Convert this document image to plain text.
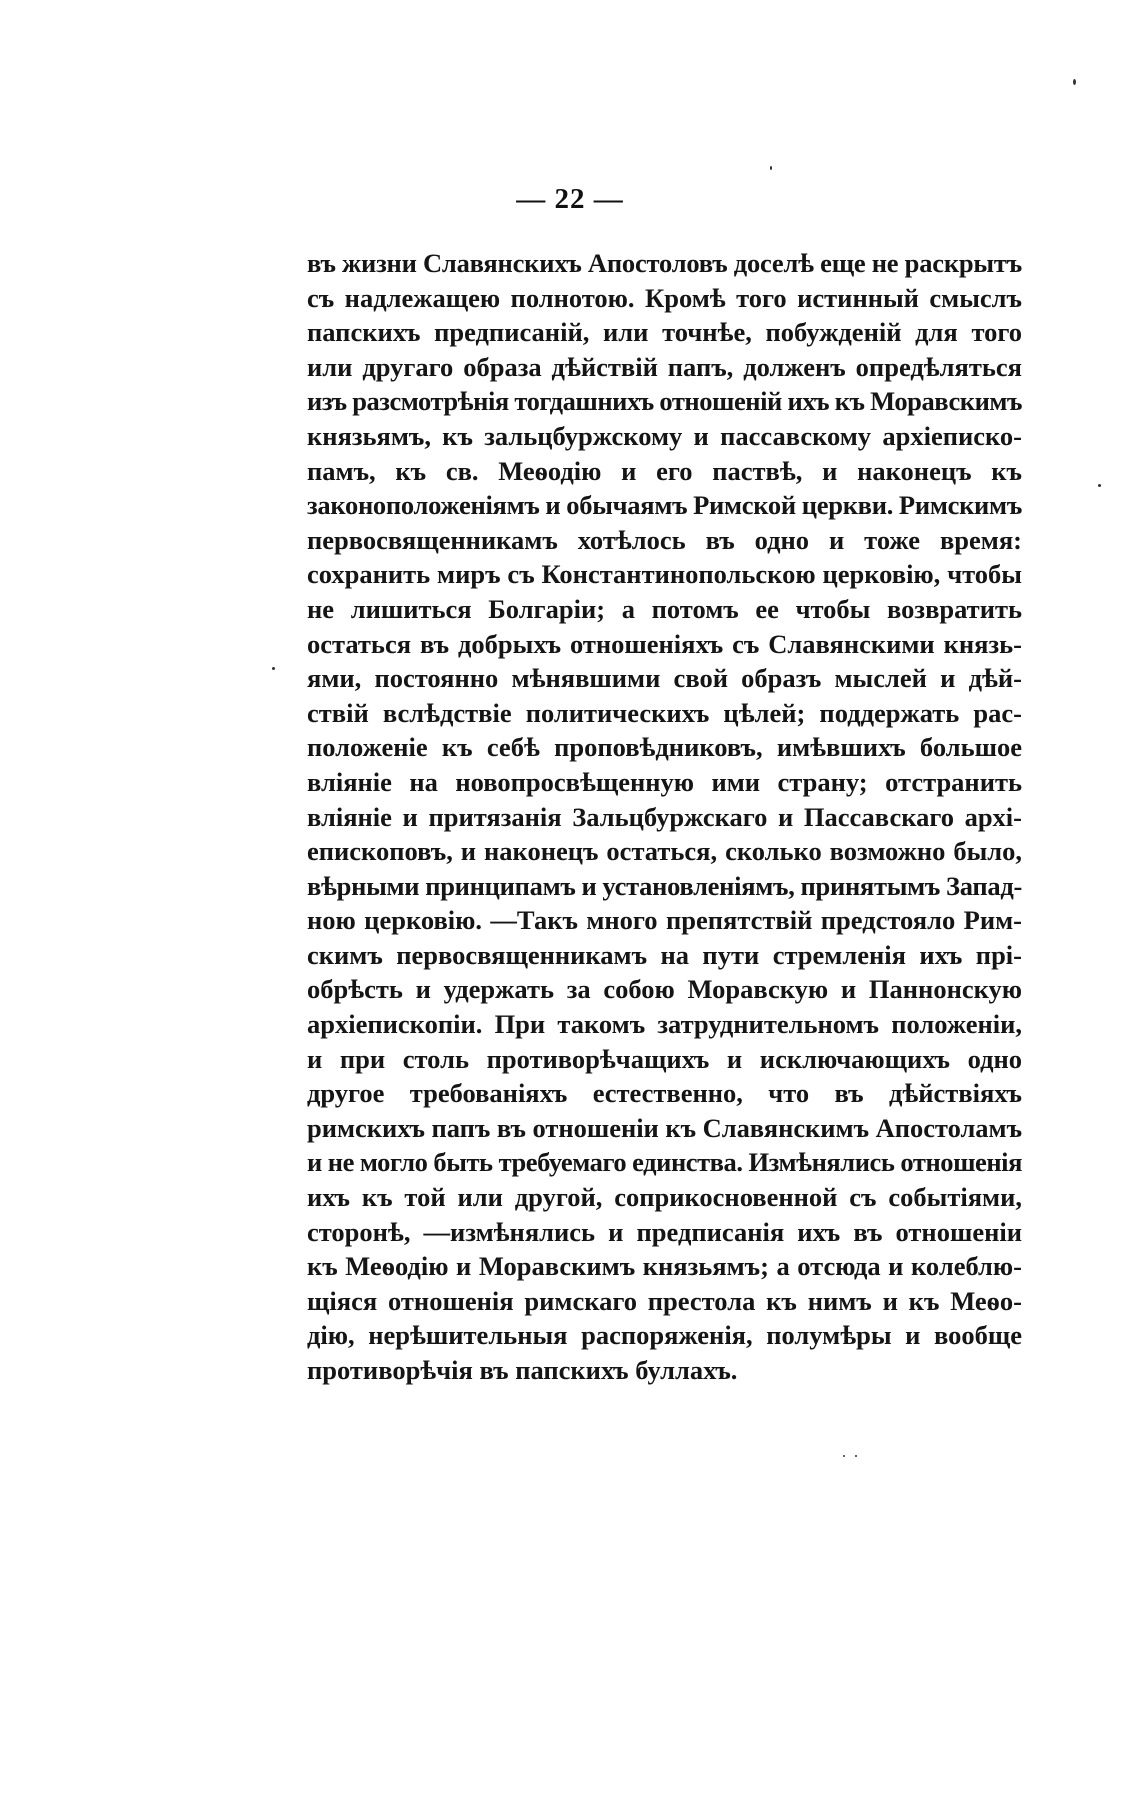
— 22 —
въ жизни Славянскихъ Апостоловъ доселѣ еще не раскрытъ
съ надлежащею полнотою. Кромѣ того истинный смыслъ
папскихъ предписаній, или точнѣе, побужденій для того
или другаго образа дѣйствій папъ, долженъ опредѣляться
изъ разсмотрѣнія тогдашнихъ отношеній ихъ къ Моравскимъ
князьямъ, къ зальцбуржскому и пассавскому архіеписко-
памъ, къ св. Меѳодію и его паствѣ, и наконецъ къ
законоположеніямъ и обычаямъ Римской церкви. Римскимъ
первосвященникамъ хотѣлось въ одно и тоже время:
сохранить миръ съ Константинопольскою церковію, чтобы
не лишиться Болгаріи; а потомъ ее чтобы возвратить
остаться въ добрыхъ отношеніяхъ съ Славянскими князь-
ями, постоянно мѣнявшими свой образъ мыслей и дѣй-
ствій вслѣдствіе политическихъ цѣлей; поддержать рас-
положеніе къ себѣ проповѣдниковъ, имѣвшихъ большое
вліяніе на новопросвѣщенную ими страну; отстранить
вліяніе и притязанія Зальцбуржскаго и Пассавскаго архі-
епископовъ, и наконецъ остаться, сколько возможно было,
вѣрными принципамъ и установленіямъ, принятымъ Запад-
ною церковію. —Такъ много препятствій предстояло Рим-
скимъ первосвященникамъ на пути стремленія ихъ прі-
обрѣсть и удержать за собою Моравскую и Паннонскую
архіепископіи. При такомъ затруднительномъ положеніи,
и при столь противорѣчащихъ и исключающихъ одно
другое требованіяхъ естественно, что въ дѣйствіяхъ
римскихъ папъ въ отношеніи къ Славянскимъ Апостоламъ
и не могло быть требуемаго единства. Измѣнялись отношенія
ихъ къ той или другой, соприкосновенной съ событіями,
сторонѣ, —измѣнялись и предписанія ихъ въ отношеніи
къ Меѳодію и Моравскимъ князьямъ; а отсюда и колеблю-
щіяся отношенія римскаго престола къ нимъ и къ Меѳо-
дію, нерѣшительныя распоряженія, полумѣры и вообще
противорѣчія въ папскихъ буллахъ.
